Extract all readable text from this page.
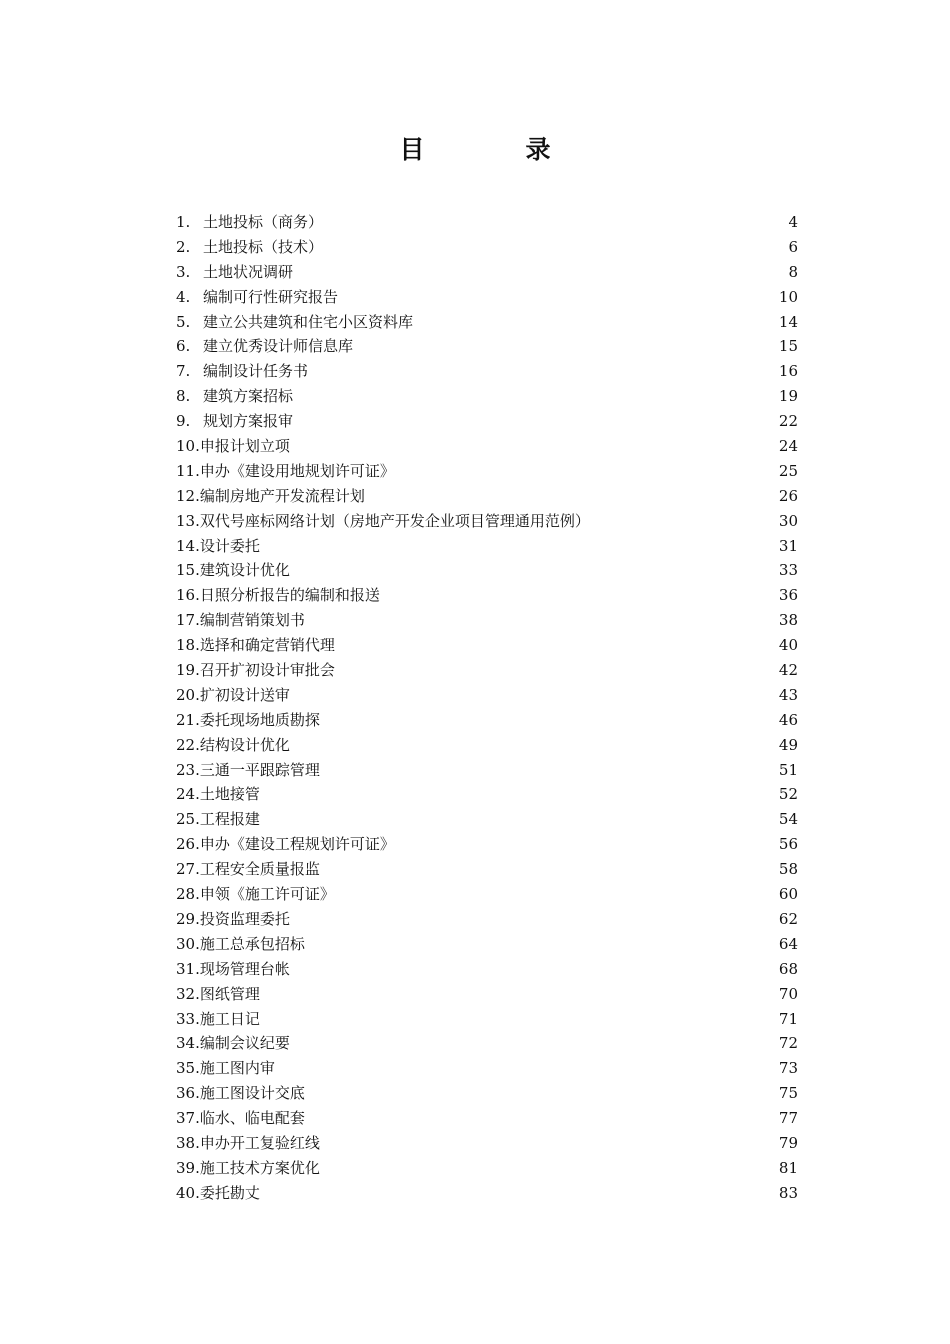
目　录
1. 土地投标（商务）	4
2. 土地投标（技术）	6
3. 土地状况调研	8
4. 编制可行性研究报告	10
5. 建立公共建筑和住宅小区资料库	14
6. 建立优秀设计师信息库	15
7. 编制设计任务书	16
8. 建筑方案招标	19
9. 规划方案报审	22
10. 申报计划立项	24
11. 申办《建设用地规划许可证》	25
12. 编制房地产开发流程计划	26
13. 双代号座标网络计划（房地产开发企业项目管理通用范例）	30
14. 设计委托	31
15. 建筑设计优化	33
16. 日照分析报告的编制和报送	36
17. 编制营销策划书	38
18. 选择和确定营销代理	40
19. 召开扩初设计审批会	42
20. 扩初设计送审	43
21. 委托现场地质勘探	46
22. 结构设计优化	49
23. 三通一平跟踪管理	51
24. 土地接管	52
25. 工程报建	54
26. 申办《建设工程规划许可证》	56
27. 工程安全质量报监	58
28. 申领《施工许可证》	60
29. 投资监理委托	62
30. 施工总承包招标	64
31. 现场管理台帐	68
32. 图纸管理	70
33. 施工日记	71
34. 编制会议纪要	72
35. 施工图内审	73
36. 施工图设计交底	75
37. 临水、临电配套	77
38. 申办开工复验红线	79
39. 施工技术方案优化	81
40. 委托勘丈	83
